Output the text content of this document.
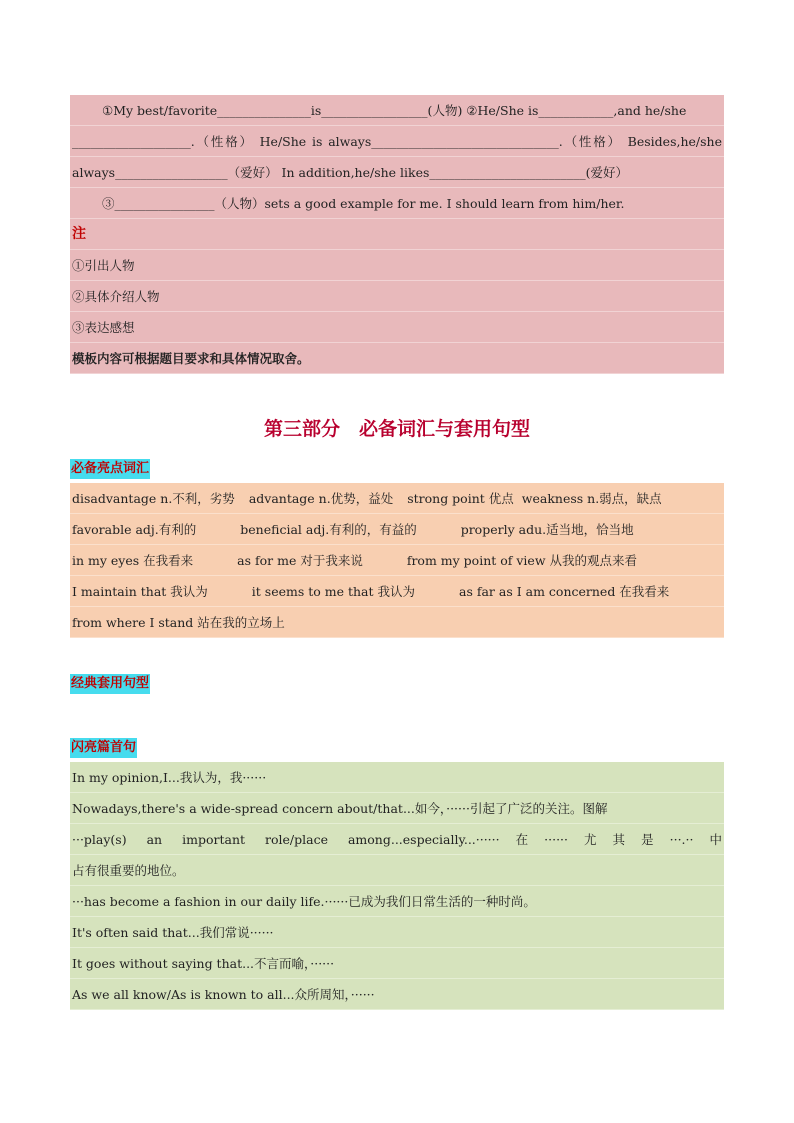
①My best/favorite_______________is_________________(人物) ②He/She is____________,and he/she
___________________.（性格） He/She is always______________________________.（性格） Besides,he/she
always__________________（爱好） In addition,he/she likes_________________________(爱好）
③________________（人物）sets a good example for me. I should learn from him/her.
注
①引出人物
②具体介绍人物
③表达感想
模板内容可根据题目要求和具体情况取舍。
第三部分　必备词汇与套用句型
必备亮点词汇
disadvantage n.不利，劣势 advantage n.优势，益处 strong point 优点 weakness n.弱点，缺点
favorable adj.有利的	beneficial adj.有利的，有益的	properly adu.适当地，恰当地
in my eyes 在我看来	as for me 对于我来说	from my point of view 从我的观点来看
I maintain that 我认为	it seems to me that 我认为	as far as I am concerned 在我看来
from where I stand 站在我的立场上
经典套用句型
闪亮篇首句
In my opinion,I...我认为，我······
Nowadays,there's a wide-spread concern about/that...如今，······引起了广泛的关注。图解
···play(s) an important role/place among...especially...······在······尤其是···.··中
占有很重要的地位。
···has become a fashion in our daily life.······已成为我们日常生活的一种时尚。
It's often said that...我们常说······
It goes without saying that...不言而喻，······
As we all know/As is known to all...众所周知，······
